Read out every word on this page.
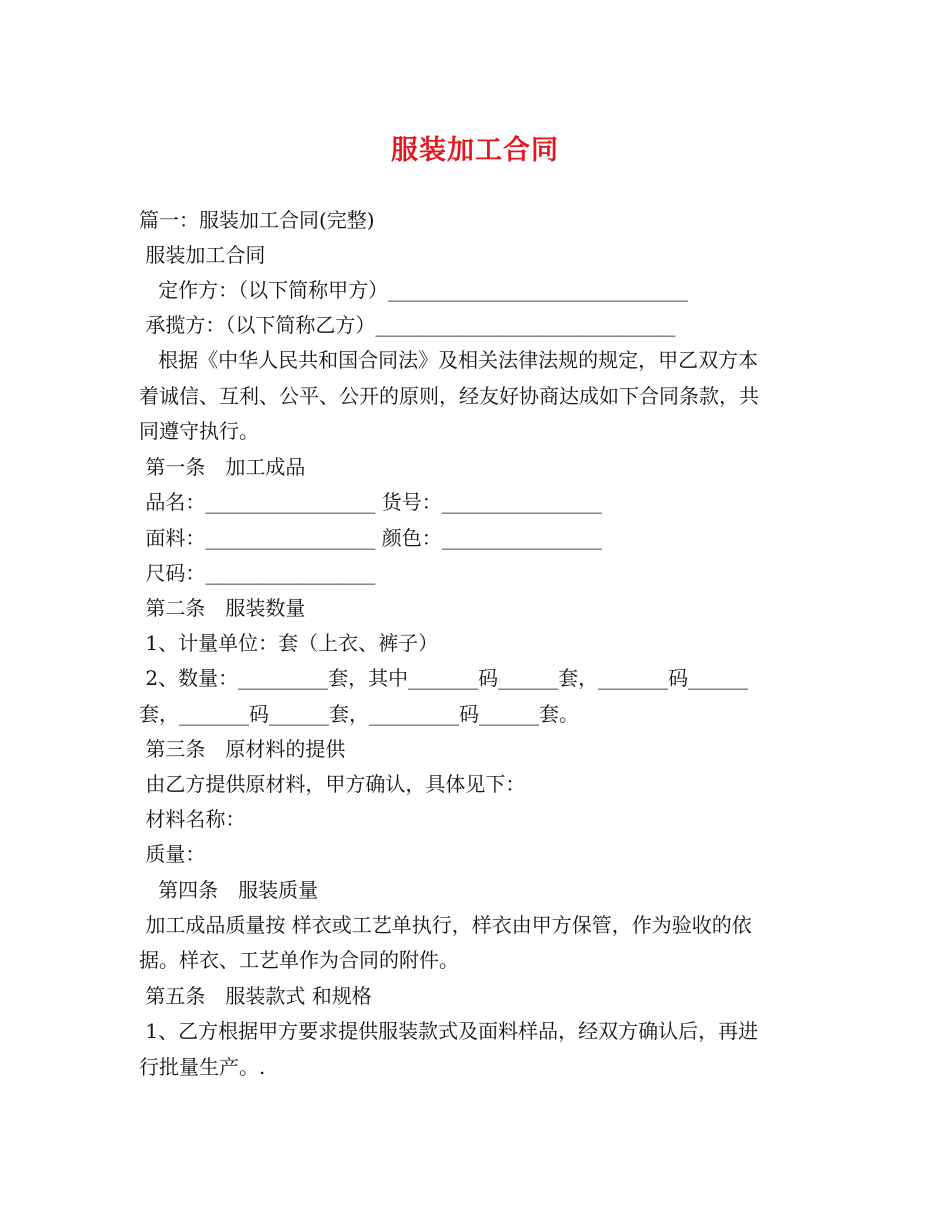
服装加工合同
篇一：服装加工合同(完整)
服装加工合同
定作方：（以下简称甲方）______________________________
承揽方：（以下简称乙方）______________________________
根据《中华人民共和国合同法》及相关法律法规的规定，甲乙双方本
着诚信、互利、公平、公开的原则，经友好协商达成如下合同条款，共
同遵守执行。
第一条　加工成品
品名：_________________ 货号：________________
面料：_________________ 颜色：________________
尺码：_________________
第二条　服装数量
1、计量单位：套（上衣、裤子）
2、数量：_________套，其中_______码______套，_______码______
套，_______码______套，_________码______套。
第三条　原材料的提供
由乙方提供原材料，甲方确认，具体见下：
材料名称：
质量：
第四条　服装质量
加工成品质量按 样衣或工艺单执行，样衣由甲方保管，作为验收的依
据。样衣、工艺单作为合同的附件。
第五条　服装款式 和规格
1、乙方根据甲方要求提供服装款式及面料样品，经双方确认后，再进
行批量生产。.
